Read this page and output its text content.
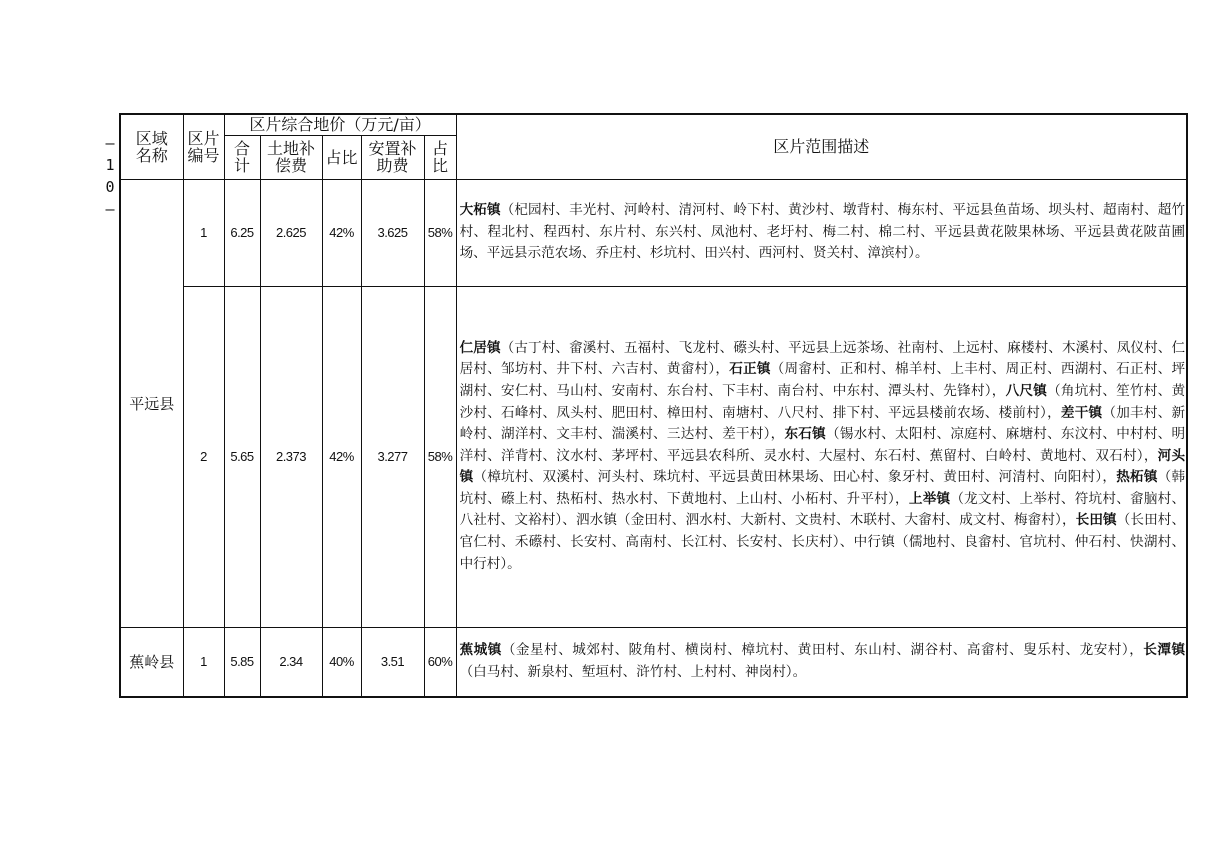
—
1
0
—
区域名称	区片编号	区片综合地价（万元/亩）					区片范围描述
		合计	土地补偿费	占比	安置补助费	占比	
平远县	1	6.25	2.625	42%	3.625	58%	大柘镇（杞园村、丰光村、河岭村、清河村、岭下村、黄沙村、墩背村、梅东村、平远县鱼苗场、坝头村、超南村、超竹村、程北村、程西村、东片村、东兴村、凤池村、老圩村、梅二村、棉二村、平远县黄花陂果林场、平远县黄花陂苗圃场、平远县示范农场、乔庄村、杉坑村、田兴村、西河村、贤关村、漳滨村）。

	2	5.65	2.373	42%	3.277	58%	仁居镇（古丁村、畲溪村、五福村、飞龙村、礤头村、平远县上远茶场、社南村、上远村、麻楼村、木溪村、凤仪村、仁居村、邹坊村、井下村、六吉村、黄畲村），石正镇（周畲村、正和村、棉羊村、上丰村、周正村、西湖村、石正村、坪湖村、安仁村、马山村、安南村、东台村、下丰村、南台村、中东村、潭头村、先锋村），八尺镇（角坑村、笙竹村、黄沙村、石峰村、凤头村、肥田村、樟田村、南塘村、八尺村、排下村、平远县楼前农场、楼前村），差干镇（加丰村、新岭村、湖洋村、文丰村、湍溪村、三达村、差干村），东石镇（锡水村、太阳村、凉庭村、麻塘村、东汶村、中村村、明洋村、洋背村、汶水村、茅坪村、平远县农科所、灵水村、大屋村、东石村、蕉留村、白岭村、黄地村、双石村），河头镇（樟坑村、双溪村、河头村、珠坑村、平远县黄田林果场、田心村、象牙村、黄田村、河清村、向阳村），热柘镇（韩坑村、礤上村、热柘村、热水村、下黄地村、上山村、小柘村、升平村），上举镇（龙文村、上举村、符坑村、畲脑村、八社村、文裕村）、泗水镇（金田村、泗水村、大新村、文贵村、木联村、大畲村、成文村、梅畲村），长田镇（长田村、官仁村、禾礤村、长安村、高南村、长江村、长安村、长庆村）、中行镇（儒地村、良畲村、官坑村、仲石村、快湖村、中行村）。

蕉岭县	1	5.85	2.34	40%	3.51	60%	蕉城镇（金星村、城郊村、陂角村、横岗村、樟坑村、黄田村、东山村、湖谷村、高畲村、叟乐村、龙安村），长潭镇（白马村、新泉村、堑垣村、浒竹村、上村村、神岗村）。
